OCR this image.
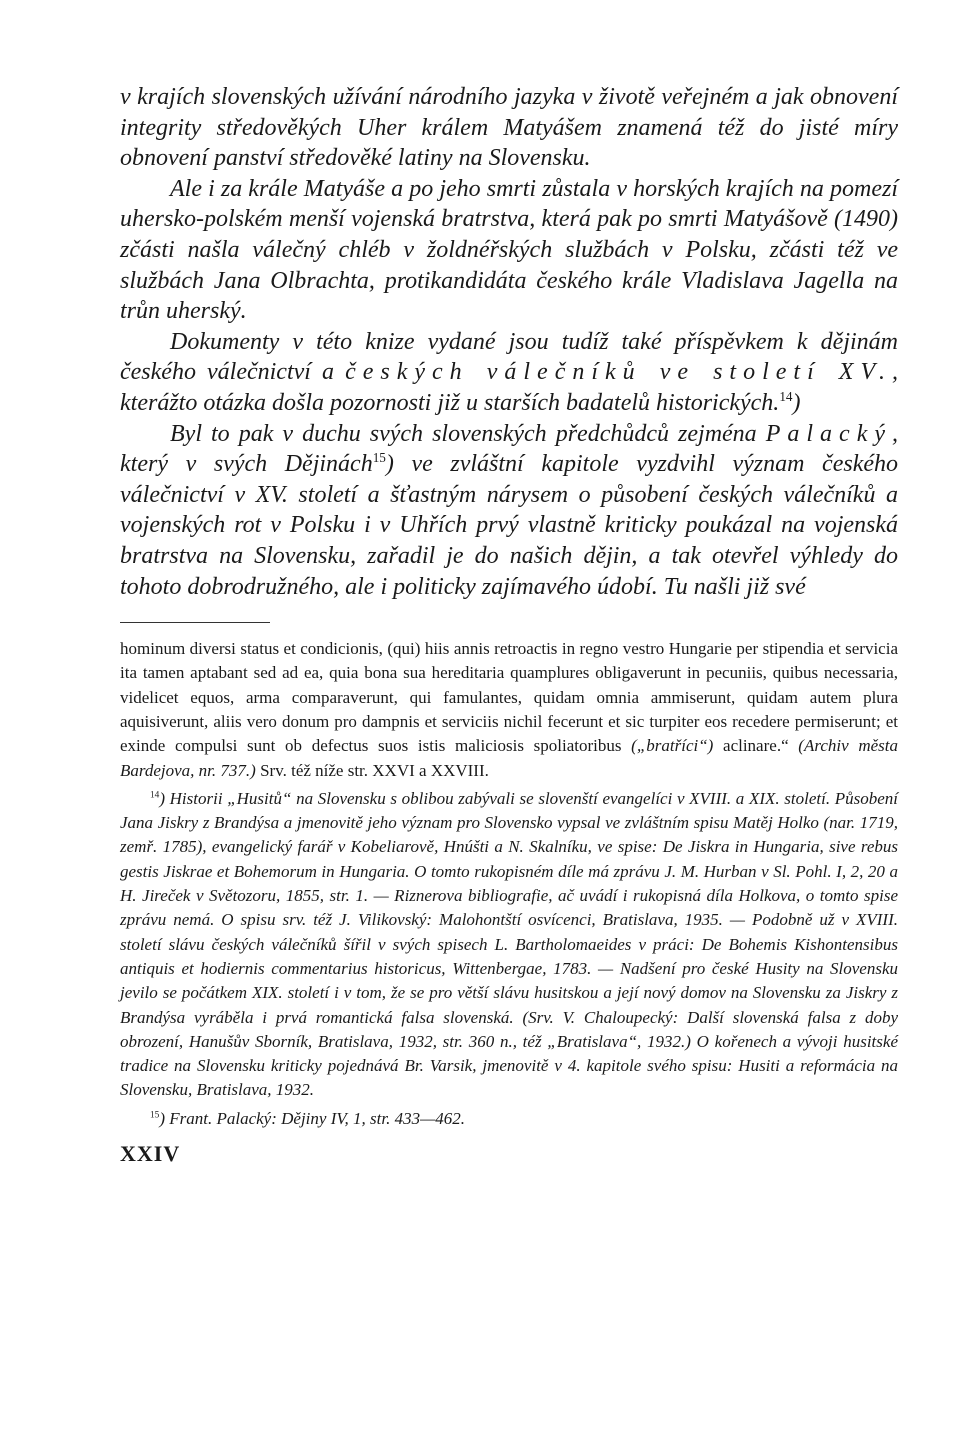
v krajích slovenských užívání národního jazyka v životě veřejném a jak obnovení integrity středověkých Uher králem Matyášem znamená též do jisté míry obnovení panství středověké latiny na Slovensku.

Ale i za krále Matyáše a po jeho smrti zůstala v horských krajích na pomezí uhersko-polském menší vojenská bratrstva, která pak po smrti Matyášově (1490) zčásti našla válečný chléb v žoldnéřských službách v Polsku, zčásti též ve službách Jana Olbrachta, protikandidáta českého krále Vladislava Jagella na trůn uherský.

Dokumenty v této knize vydané jsou tudíž také příspěvkem k dějinám českého válečnictví a českých válečníků ve století XV., kterážto otázka došla pozornosti již u starších badatelů historických.$^{14}$)

Byl to pak v duchu svých slovenských předchůdců zejména Palacký, který v svých Dějinách$^{15}$) ve zvláštní kapitole vyzdvihl význam českého válečnictví v XV. století a šťastným nárysem o působení českých válečníků a vojenských rot v Polsku i v Uhřích prvý vlastně kriticky poukázal na vojenská bratrstva na Slovensku, zařadil je do našich dějin, a tak otevřel výhledy do tohoto dobrodružného, ale i politicky zajímavého údobí. Tu našli již své

hominum diversi status et condicionis, (qui) hiis annis retroactis in regno vestro Hungarie per stipendia et servicia ita tamen aptabant sed ad ea, quia bona sua hereditaria quamplures obligaverunt in pecuniis, quibus necessaria, videlicet equos, arma comparaverunt, qui famulantes, quidam omnia ammiserunt, quidam autem plura aquisiverunt, aliis vero donum pro dampnis et serviciis nichil fecerunt et sic turpiter eos recedere permiserunt; et exinde compulsi sunt ob defectus suos istis maliciosis spoliatoribus („bratříci“) aclinare.“ (Archiv města Bardejova, nr. 737.) Srv. též níže str. XXVI a XXVIII.

$^{14}$) Historii „Husitů“ na Slovensku s oblibou zabývali se slovenští evangelíci v XVIII. a XIX. století. Působení Jana Jiskry z Brandýsa a jmenovitě jeho význam pro Slovensko vypsal ve zvláštním spisu Matěj Holko (nar. 1719, zemř. 1785), evangelický farář v Kobeliarově, Hnúšti a N. Skalníku, ve spise: De Jiskra in Hungaria, sive rebus gestis Jiskrae et Bohemorum in Hungaria. O tomto rukopisném díle má zprávu J. M. Hurban v Sl. Pohl. I, 2, 20 a H. Jireček v Světozoru, 1855, str. 1. — Riznerova bibliografie, ač uvádí i rukopisná díla Holkova, o tomto spise zprávu nemá. O spisu srv. též J. Vilikovský: Malohontští osvícenci, Bratislava, 1935. — Podobně už v XVIII. století slávu českých válečníků šířil v svých spisech L. Bartholomaeides v práci: De Bohemis Kishontensibus antiquis et hodiernis commentarius historicus, Wittenbergae, 1783. — Nadšení pro české Husity na Slovensku jevilo se počátkem XIX. století i v tom, že se pro větší slávu husitskou a její nový domov na Slovensku za Jiskry z Brandýsa vyráběla i prvá romantická falsa slovenská. (Srv. V. Chaloupecký: Další slovenská falsa z doby obrození, Hanušův Sborník, Bratislava, 1932, str. 360 n., též „Bratislava“, 1932.) O kořenech a vývoji husitské tradice na Slovensku kriticky pojednává Br. Varsik, jmenovitě v 4. kapitole svého spisu: Husiti a reformácia na Slovensku, Bratislava, 1932.

$^{15}$) Frant. Palacký: Dějiny IV, 1, str. 433—462.

XXIV
